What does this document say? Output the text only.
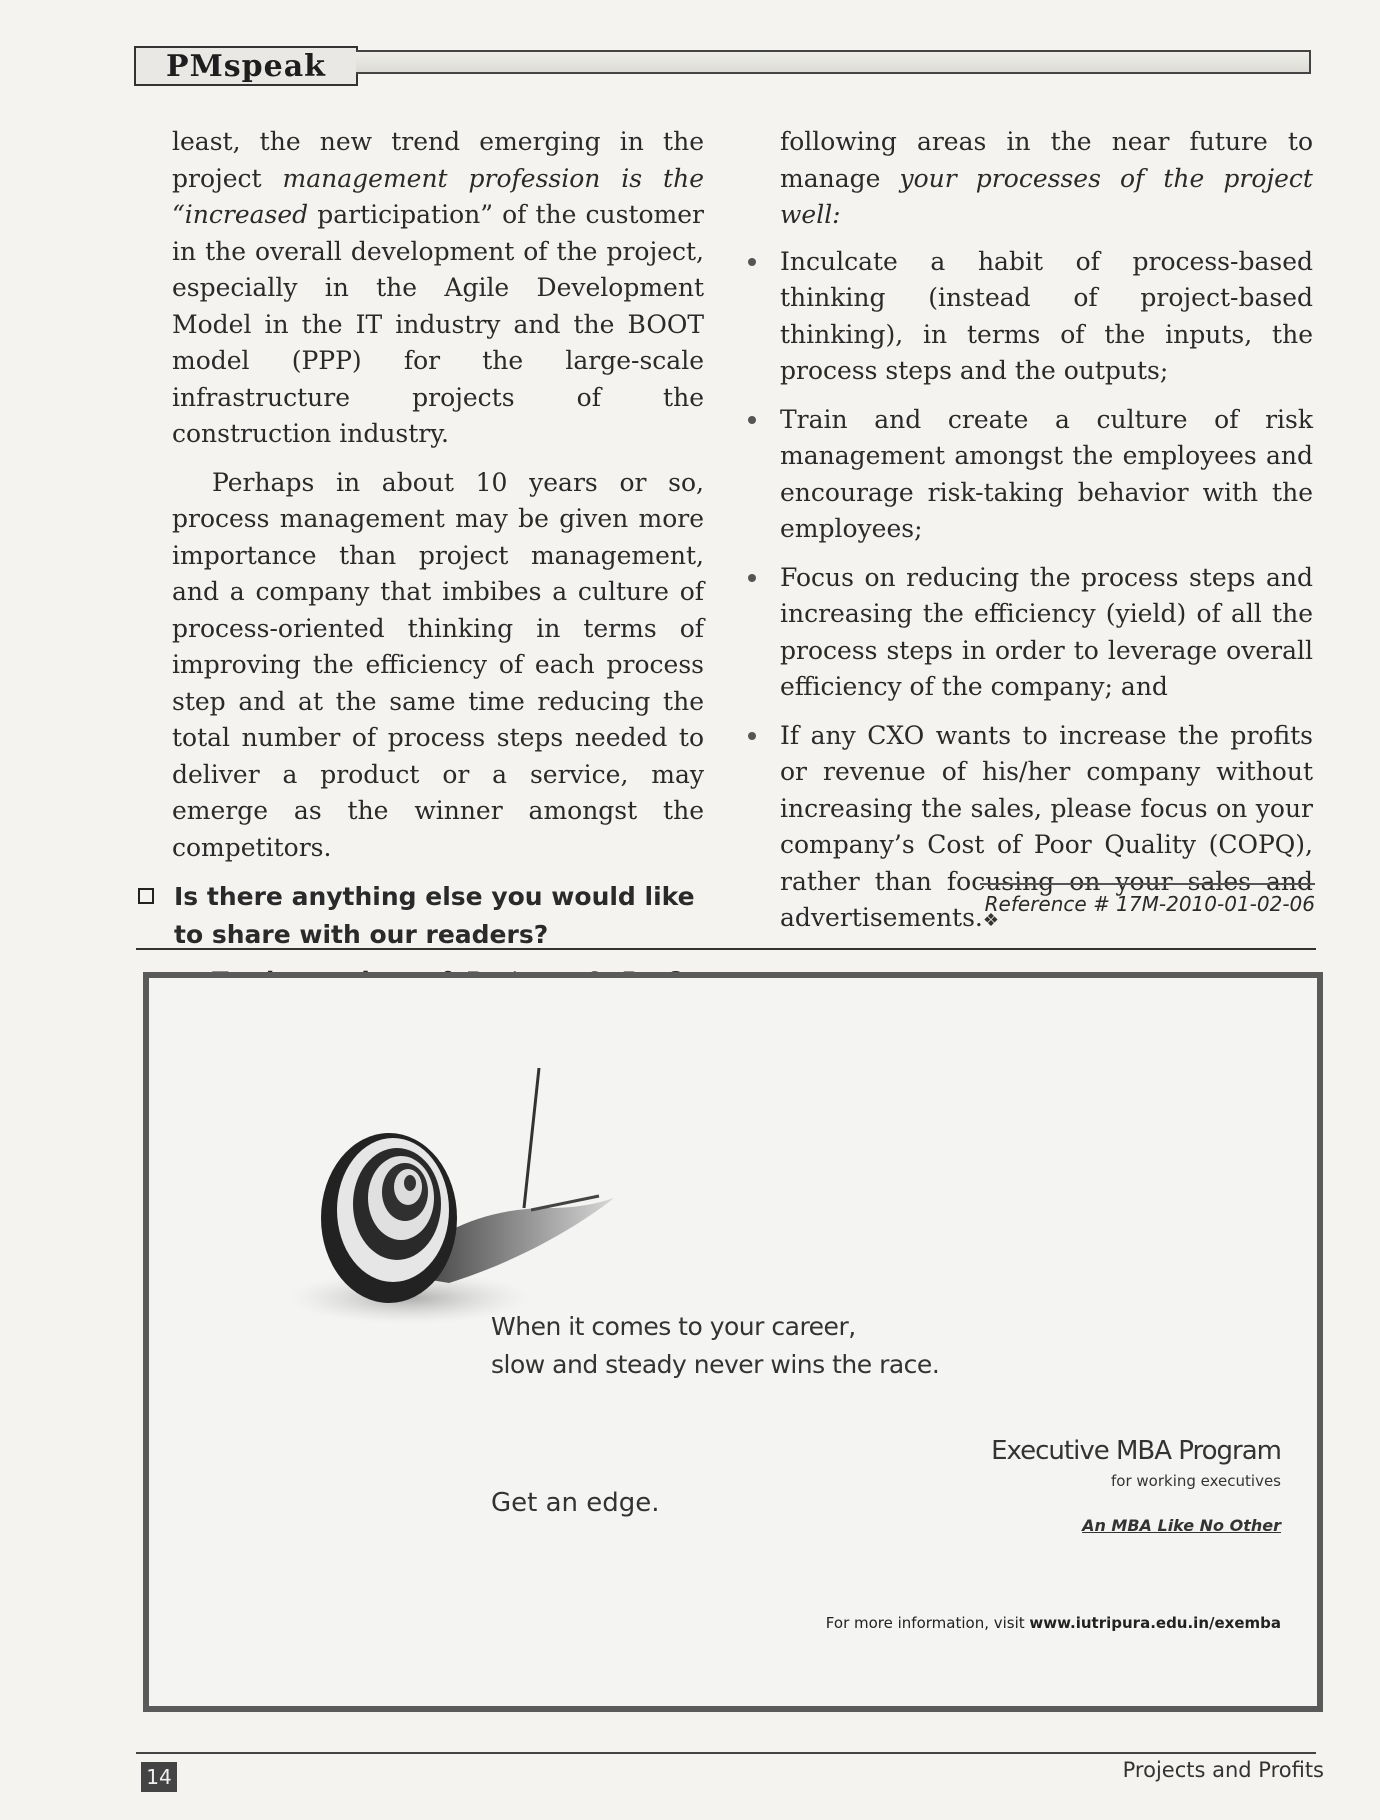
PMspeak

least, the new trend emerging in the project management profession is the “increased participation” of the customer in the overall development of the project, especially in the Agile Development Model in the IT industry and the BOOT model (PPP) for the large-scale infrastructure projects of the construction industry.

Perhaps in about 10 years or so, process management may be given more importance than project management, and a company that imbibes a culture of process-oriented thinking in terms of improving the efficiency of each process step and at the same time reducing the total number of process steps needed to deliver a product or a service, may emerge as the winner amongst the competitors.

Is there anything else you would like to share with our readers?

following areas in the near future to manage your processes of the project well:

Inculcate a habit of process-based thinking (instead of project-based thinking), in terms of the inputs, the process steps and the outputs;
Train and create a culture of risk management amongst the employees and encourage risk-taking behavior with the employees;
Focus on reducing the process steps and increasing the efficiency (yield) of all the process steps in order to leverage overall efficiency of the company; and
If any CXO wants to increase the profits or revenue of his/her company without increasing the sales, please focus on your company’s Cost of Poor Quality (COPQ), rather than focusing on your sales and advertisements.❖
Reference # 17M-2010-01-02-06
When it comes to your career,
slow and steady never wins the race.
Get an edge.
Executive MBA Program
for working executives
An MBA Like No Other
For more information, visit www.iutripura.edu.in/exemba
14	Projects and Profits
